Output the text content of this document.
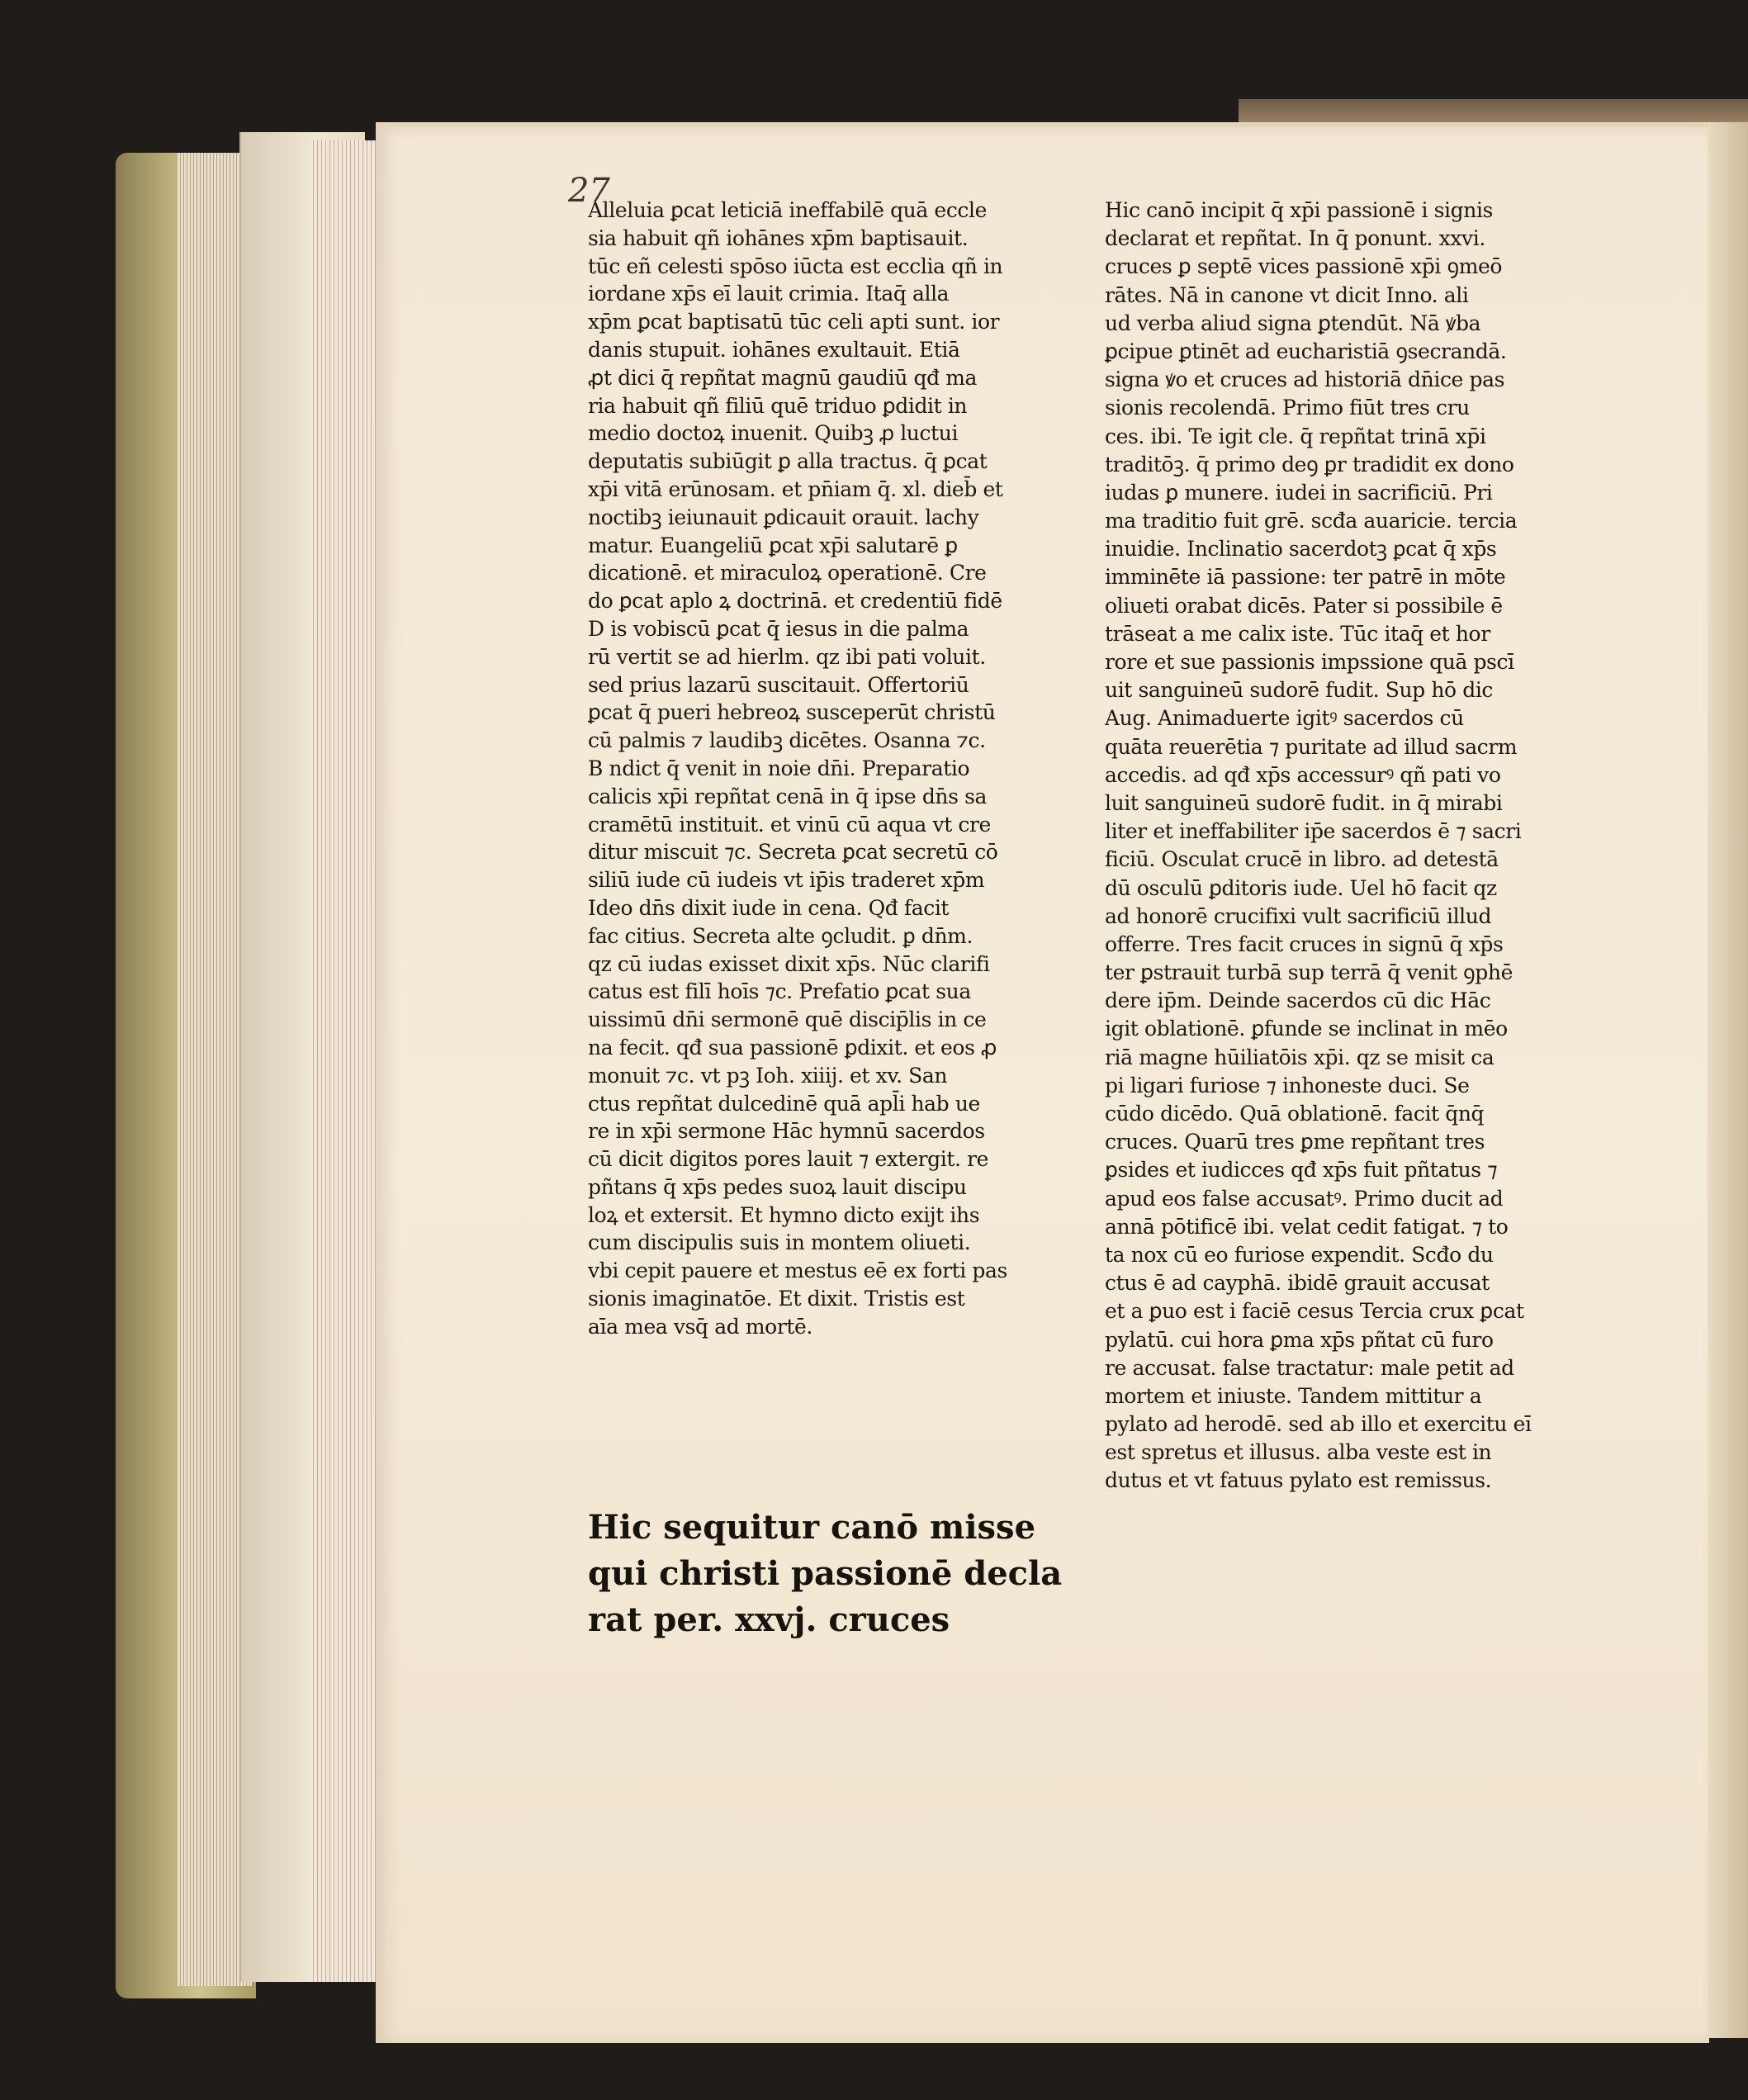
27
Alleluia ꝑcat leticiā ineffabilē quā eccle
sia habuit qñ iohānes xp̄m baptisauit.
tūc eñ celesti spōso iūcta est ecclia qñ in
iordane xp̄s eī lauit crimia. Itaq̄ alla
xp̄m ꝑcat baptisatū tūc celi apti sunt. ior
danis stupuit. iohānes exultauit. Etiā
ꝓt dici q̄ repñtat magnū gaudiū qđ ma
ria habuit qñ filiū quē triduo ꝑdidit in
medio doctoꝝ inuenit. Quibꝫ ꝓ luctui
deputatis subiūgit ꝑ alla tractus. q̄ ꝑcat
xp̄i vitā erūnosam. et pn̄iam q̄. xl. dieb̄ et
noctibꝫ ieiunauit ꝑdicauit orauit. lachy
matur. Euangeliū ꝑcat xp̄i salutarē ꝑ
dicationē. et miraculoꝝ operationē. Cre
do ꝑcat aplo ꝝ doctrinā. et credentiū fidē
D is vobiscū ꝑcat q̄ iesus in die palma
rū vertit se ad hierlm. qz ibi pati voluit.
sed prius lazarū suscitauit. Offertoriū
ꝑcat q̄ pueri hebreoꝝ susceperūt christū
cū palmis ⁊ laudibꝫ dicētes. Osanna ⁊c.
B ndict q̄ venit in noie dn̄i. Preparatio
calicis xp̄i repñtat cenā in q̄ ipse dn̄s sa
cramētū instituit. et vinū cū aqua vt cre
ditur miscuit ⁊c. Secreta ꝑcat secretū cō
siliū iude cū iudeis vt ip̄is traderet xp̄m
Ideo dn̄s dixit iude in cena. Qđ facit
fac citius. Secreta alte ꝯcludit. ꝑ dn̄m.
qz cū iudas exisset dixit xp̄s. Nūc clarifi
catus est filī hoīs ⁊c. Prefatio ꝑcat sua
uissimū dn̄i sermonē quē discip̄lis in ce
na fecit. qđ sua passionē ꝑdixit. et eos ꝓ
monuit ⁊c. vt pꝫ Ioh. xiiij. et xv. San
ctus repñtat dulcedinē quā apl̄i hab ue
re in xp̄i sermone Hāc hymnū sacerdos
cū dicit digitos pores lauit ⁊ extergit. re
pñtans q̄ xp̄s pedes suoꝝ lauit discipu
loꝝ et extersit. Et hymno dicto exijt ihs
cum discipulis suis in montem oliueti.
vbi cepit pauere et mestus eē ex forti pas
sionis imaginatōe. Et dixit. Tristis est
aīa mea vsq̄ ad mortē.
Hic sequitur canō misse
qui christi passionē decla
rat per. xxvj. cruces
Hic canō incipit q̄ xp̄i passionē i signis
declarat et repñtat. In q̄ ponunt. xxvi.
cruces ꝑ septē vices passionē xp̄i ꝯmeō
rātes. Nā in canone vt dicit Inno. ali
ud verba aliud signa ꝑtendūt. Nā ꝟba
ꝑcipue ꝑtinēt ad eucharistiā ꝯsecrandā.
signa ꝟo et cruces ad historiā dn̄ice pas
sionis recolendā. Primo fiūt tres cru
ces. ibi. Te igit cle. q̄ repñtat trinā xp̄i
traditōꝫ. q̄ primo deꝯ ꝑr tradidit ex dono
iudas ꝑ munere. iudei in sacrificiū. Pri
ma traditio fuit grē. scđa auaricie. tercia
inuidie. Inclinatio sacerdotꝫ ꝑcat q̄ xp̄s
imminēte iā passione: ter patrē in mōte
oliueti orabat dicēs. Pater si possibile ē
trāseat a me calix iste. Tūc itaq̄ et hor
rore et sue passionis impssione quā pscī
uit sanguineū sudorē fudit. Sup hō dic
Aug. Animaduerte igitꝰ sacerdos cū
quāta reuerētia ⁊ puritate ad illud sacrm
accedis. ad qđ xp̄s accessurꝰ qñ pati vo
luit sanguineū sudorē fudit. in q̄ mirabi
liter et ineffabiliter ip̄e sacerdos ē ⁊ sacri
ficiū. Osculat crucē in libro. ad detestā
dū osculū ꝑditoris iude. Uel hō facit qz
ad honorē crucifixi vult sacrificiū illud
offerre. Tres facit cruces in signū q̄ xp̄s
ter ꝑstrauit turbā sup terrā q̄ venit ꝯphē
dere ip̄m. Deinde sacerdos cū dic Hāc
igit oblationē. ꝑfunde se inclinat in mēo
riā magne hūiliatōis xp̄i. qz se misit ca
pi ligari furiose ⁊ inhoneste duci. Se
cūdo dicēdo. Quā oblationē. facit q̄nq̄
cruces. Quarū tres ꝑme repñtant tres
ꝑsides et iudicces qđ xp̄s fuit pñtatus ⁊
apud eos false accusatꝰ. Primo ducit ad
annā pōtificē ibi. velat cedit fatigat. ⁊ to
ta nox cū eo furiose expendit. Scđo du
ctus ē ad cayphā. ibidē grauit accusat
et a ꝑuo est i faciē cesus Tercia crux ꝑcat
pylatū. cui hora ꝑma xp̄s pñtat cū furo
re accusat. false tractatur: male petit ad
mortem et iniuste. Tandem mittitur a
pylato ad herodē. sed ab illo et exercitu eī
est spretus et illusus. alba veste est in
dutus et vt fatuus pylato est remissus.
